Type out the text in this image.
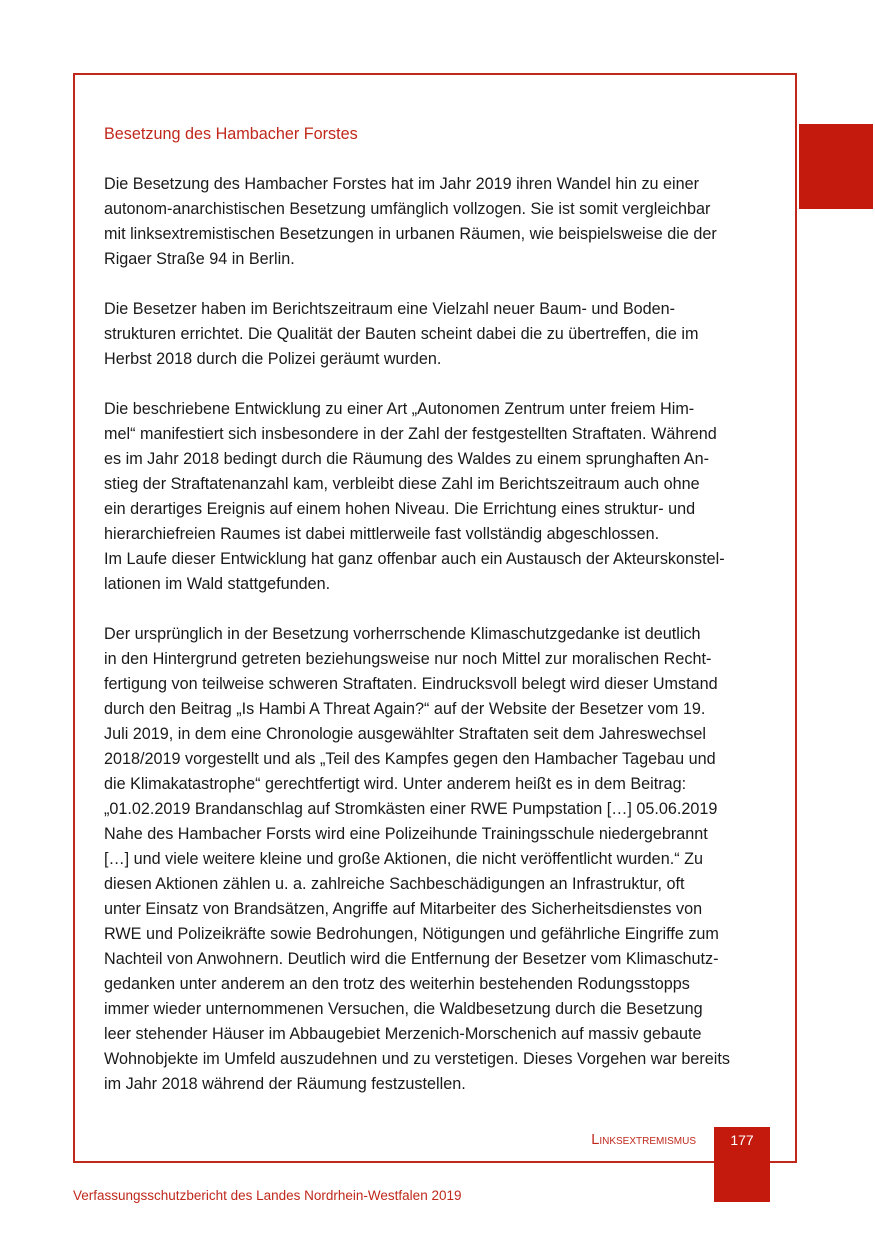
Besetzung des Hambacher Forstes

Die Besetzung des Hambacher Forstes hat im Jahr 2019 ihren Wandel hin zu einer
autonom-anarchistischen Besetzung umfänglich vollzogen. Sie ist somit vergleichbar
mit linksextremistischen Besetzungen in urbanen Räumen, wie beispielsweise die der
Rigaer Straße 94 in Berlin.

Die Besetzer haben im Berichtszeitraum eine Vielzahl neuer Baum- und Boden-
strukturen errichtet. Die Qualität der Bauten scheint dabei die zu übertreffen, die im
Herbst 2018 durch die Polizei geräumt wurden.

Die beschriebene Entwicklung zu einer Art „Autonomen Zentrum unter freiem Him-
mel“ manifestiert sich insbesondere in der Zahl der festgestellten Straftaten. Während
es im Jahr 2018 bedingt durch die Räumung des Waldes zu einem sprunghaften An-
stieg der Straftatenanzahl kam, verbleibt diese Zahl im Berichtszeitraum auch ohne
ein derartiges Ereignis auf einem hohen Niveau. Die Errichtung eines struktur- und
hierarchiefreien Raumes ist dabei mittlerweile fast vollständig abgeschlossen.
Im Laufe dieser Entwicklung hat ganz offenbar auch ein Austausch der Akteurskonstel-
lationen im Wald stattgefunden.

Der ursprünglich in der Besetzung vorherrschende Klimaschutzgedanke ist deutlich
in den Hintergrund getreten beziehungsweise nur noch Mittel zur moralischen Recht-
fertigung von teilweise schweren Straftaten. Eindrucksvoll belegt wird dieser Umstand
durch den Beitrag „Is Hambi A Threat Again?“ auf der Website der Besetzer vom 19.
Juli 2019, in dem eine Chronologie ausgewählter Straftaten seit dem Jahreswechsel
2018/2019 vorgestellt und als „Teil des Kampfes gegen den Hambacher Tagebau und
die Klimakatastrophe“ gerechtfertigt wird. Unter anderem heißt es in dem Beitrag:
„01.02.2019 Brandanschlag auf Stromkästen einer RWE Pumpstation […] 05.06.2019
Nahe des Hambacher Forsts wird eine Polizeihunde Trainingsschule niedergebrannt
[…] und viele weitere kleine und große Aktionen, die nicht veröffentlicht wurden.“ Zu
diesen Aktionen zählen u. a. zahlreiche Sachbeschädigungen an Infrastruktur, oft
unter Einsatz von Brandsätzen, Angriffe auf Mitarbeiter des Sicherheitsdienstes von
RWE und Polizeikräfte sowie Bedrohungen, Nötigungen und gefährliche Eingriffe zum
Nachteil von Anwohnern. Deutlich wird die Entfernung der Besetzer vom Klimaschutz-
gedanken unter anderem an den trotz des weiterhin bestehenden Rodungsstopps
immer wieder unternommenen Versuchen, die Waldbesetzung durch die Besetzung
leer stehender Häuser im Abbaugebiet Merzenich-Morschenich auf massiv gebaute
Wohnobjekte im Umfeld auszudehnen und zu verstetigen. Dieses Vorgehen war bereits
im Jahr 2018 während der Räumung festzustellen.

Linksextremismus	177
Verfassungsschutzbericht des Landes Nordrhein-Westfalen 2019
